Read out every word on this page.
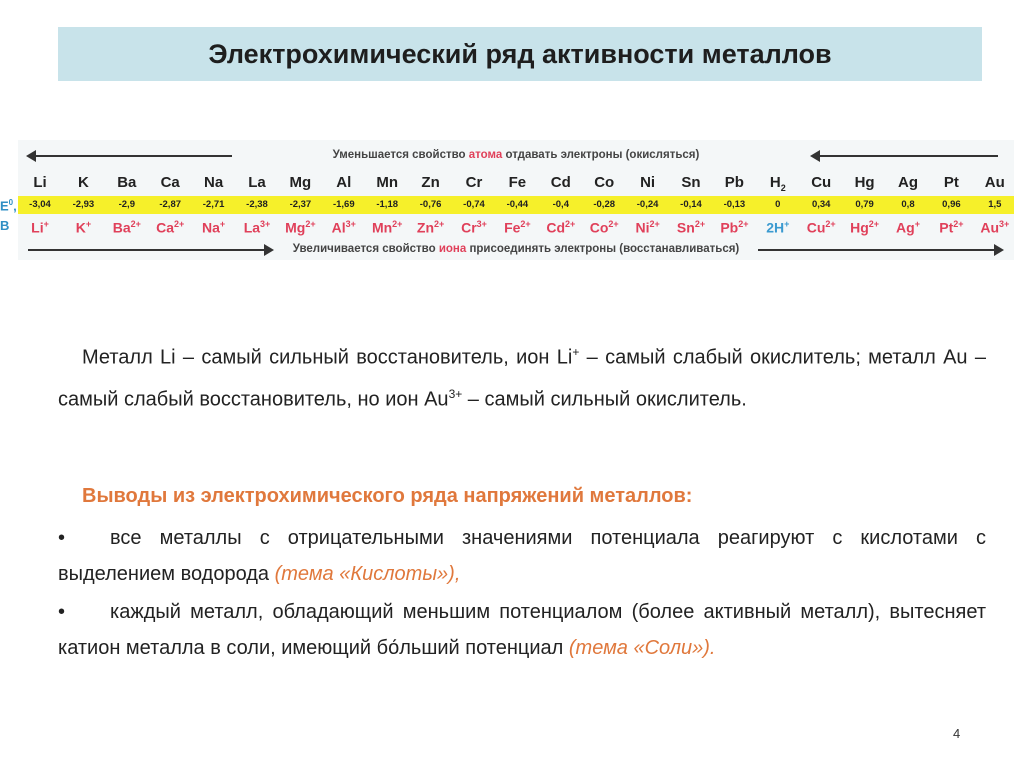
Электрохимический ряд активности металлов
$E^0$,
B
Уменьшается свойство атома отдавать электроны (окисляться)
Li	K	Ba	Ca	Na	La	Mg	Al	Mn	Zn	Cr	Fe	Cd	Co	Ni	Sn	Pb	$H_2$	Cu	Hg	Ag	Pt	Au
-3,04	-2,93	-2,9	-2,87	-2,71	-2,38	-2,37	-1,69	-1,18	-0,76	-0,74	-0,44	-0,4	-0,28	-0,24	-0,14	-0,13	0	0,34	0,79	0,8	0,96	1,5
Li+	K+	$Ba^{2+}$	$Ca^{2+}$	Na+	$La^{3+}$	$Mg^{2+}$	$Al^{3+}$	$Mn^{2+}$	$Zn^{2+}$	$Cr^{3+}$	$Fe^{2+}$	$Cd^{2+}$	$Co^{2+}$	$Ni^{2+}$	$Sn^{2+}$	$Pb^{2+}$	2H+	$Cu^{2+}$	$Hg^{2+}$	Ag+	$Pt^{2+}$	$Au^{3+}$
Увеличивается свойство иона присоединять электроны (восстанавливаться)
Металл Li – самый сильный восстановитель, ион Li+ – самый слабый окислитель; металл Au – самый слабый восстановитель, но ион $Au^{3+}$ – самый сильный окислитель.
Выводы из электрохимического ряда напряжений металлов:
• все металлы с отрицательными значениями потенциала реагируют с кислотами с выделением водорода (тема «Кислоты»),
• каждый металл, обладающий меньшим потенциалом (более активный металл), вытесняет катион металла в соли, имеющий бо́льший потенциал (тема «Соли»).
4
